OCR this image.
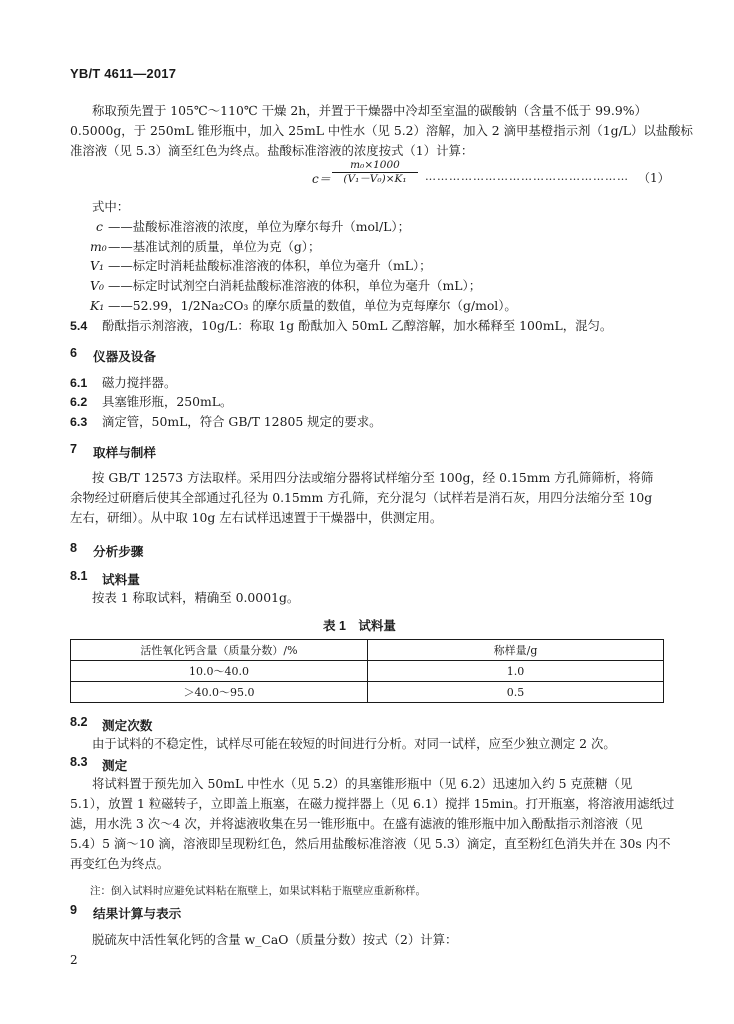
YB/T 4611—2017
称取预先置于 105℃～110℃ 干燥 2h，并置于干燥器中冷却至室温的碳酸钠（含量不低于 99.9%）
0.5000g，于 250mL 锥形瓶中，加入 25mL 中性水（见 5.2）溶解，加入 2 滴甲基橙指示剂（1g/L）以盐酸标
准溶液（见 5.3）滴至红色为终点。盐酸标准溶液的浓度按式（1）计算：
$c= \frac{\text{m₀×1000}}{\text{(V₁－V₀)×K₁}}$ …………………………………………… （1）
式中：
c ——盐酸标准溶液的浓度，单位为摩尔每升（mol/L）；
m₀ ——基准试剂的质量，单位为克（g）；
V₁ ——标定时消耗盐酸标准溶液的体积，单位为毫升（mL）；
V₀ ——标定时试剂空白消耗盐酸标准溶液的体积，单位为毫升（mL）；
K₁ ——52.99，1/2Na₂CO₃ 的摩尔质量的数值，单位为克每摩尔（g/mol）。
5.4 酚酞指示剂溶液，10g/L：称取 1g 酚酞加入 50mL 乙醇溶解，加水稀释至 100mL，混匀。
6 仪器及设备
6.1 磁力搅拌器。
6.2 具塞锥形瓶，250mL。
6.3 滴定管，50mL，符合 GB/T 12805 规定的要求。
7 取样与制样
按 GB/T 12573 方法取样。采用四分法或缩分器将试样缩分至 100g，经 0.15mm 方孔筛筛析，将筛
余物经过研磨后使其全部通过孔径为 0.15mm 方孔筛，充分混匀（试样若是消石灰，用四分法缩分至 10g
左右，研细）。从中取 10g 左右试样迅速置于干燥器中，供测定用。
8 分析步骤
8.1 试料量
按表 1 称取试料，精确至 0.0001g。
表 1　试料量
活性氧化钙含量（质量分数）/%	称样量/g
10.0～40.0	1.0
＞40.0～95.0	0.5
8.2 测定次数
由于试料的不稳定性，试样尽可能在较短的时间进行分析。对同一试样，应至少独立测定 2 次。
8.3 测定
将试料置于预先加入 50mL 中性水（见 5.2）的具塞锥形瓶中（见 6.2）迅速加入约 5 克蔗糖（见
5.1），放置 1 粒磁转子，立即盖上瓶塞，在磁力搅拌器上（见 6.1）搅拌 15min。打开瓶塞，将溶液用滤纸过
滤，用水洗 3 次～4 次，并将滤液收集在另一锥形瓶中。在盛有滤液的锥形瓶中加入酚酞指示剂溶液（见
5.4）5 滴～10 滴，溶液即呈现粉红色，然后用盐酸标准溶液（见 5.3）滴定，直至粉红色消失并在 30s 内不
再变红色为终点。
注：倒入试料时应避免试料粘在瓶壁上，如果试料粘于瓶壁应重新称样。
9 结果计算与表示
脱硫灰中活性氧化钙的含量 w_CaO（质量分数）按式（2）计算：
2
